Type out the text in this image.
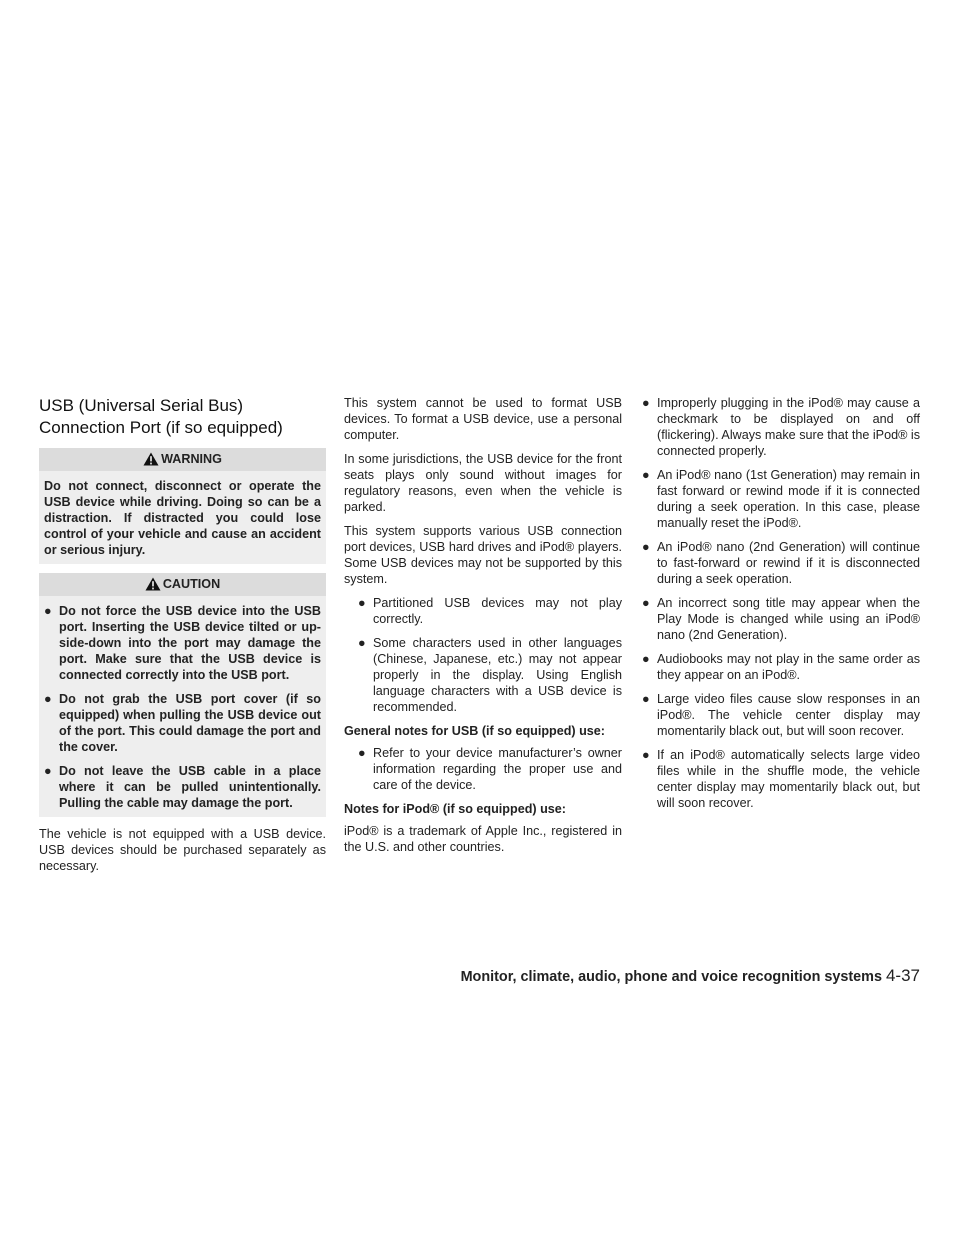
USB (Universal Serial Bus)
Connection Port (if so equipped)
WARNING
Do not connect, disconnect or operate the USB device while driving. Doing so can be a distraction. If distracted you could lose control of your vehicle and cause an accident or serious injury.
CAUTION
● Do not force the USB device into the USB port. Inserting the USB device tilted or up-side-down into the port may damage the port. Make sure that the USB device is connected correctly into the USB port.
● Do not grab the USB port cover (if so equipped) when pulling the USB device out of the port. This could damage the port and the cover.
● Do not leave the USB cable in a place where it can be pulled unintentionally. Pulling the cable may damage the port.

The vehicle is not equipped with a USB device. USB devices should be purchased separately as necessary.

This system cannot be used to format USB devices. To format a USB device, use a personal computer.

In some jurisdictions, the USB device for the front seats plays only sound without images for regulatory reasons, even when the vehicle is parked.

This system supports various USB connection port devices, USB hard drives and iPod® players. Some USB devices may not be supported by this system.

● Partitioned USB devices may not play correctly.
● Some characters used in other languages (Chinese, Japanese, etc.) may not appear properly in the display. Using English language characters with a USB device is recommended.
General notes for USB (if so equipped) use:
● Refer to your device manufacturer’s owner information regarding the proper use and care of the device.
Notes for iPod® (if so equipped) use:

iPod® is a trademark of Apple Inc., registered in the U.S. and other countries.

● Improperly plugging in the iPod® may cause a checkmark to be displayed on and off (flickering). Always make sure that the iPod® is connected properly.
● An iPod® nano (1st Generation) may remain in fast forward or rewind mode if it is connected during a seek operation. In this case, please manually reset the iPod®.
● An iPod® nano (2nd Generation) will continue to fast-forward or rewind if it is disconnected during a seek operation.
● An incorrect song title may appear when the Play Mode is changed while using an iPod® nano (2nd Generation).
● Audiobooks may not play in the same order as they appear on an iPod®.
● Large video files cause slow responses in an iPod®. The vehicle center display may momentarily black out, but will soon recover.
● If an iPod® automatically selects large video files while in the shuffle mode, the vehicle center display may momentarily black out, but will soon recover.
Monitor, climate, audio, phone and voice recognition systems 4-37
